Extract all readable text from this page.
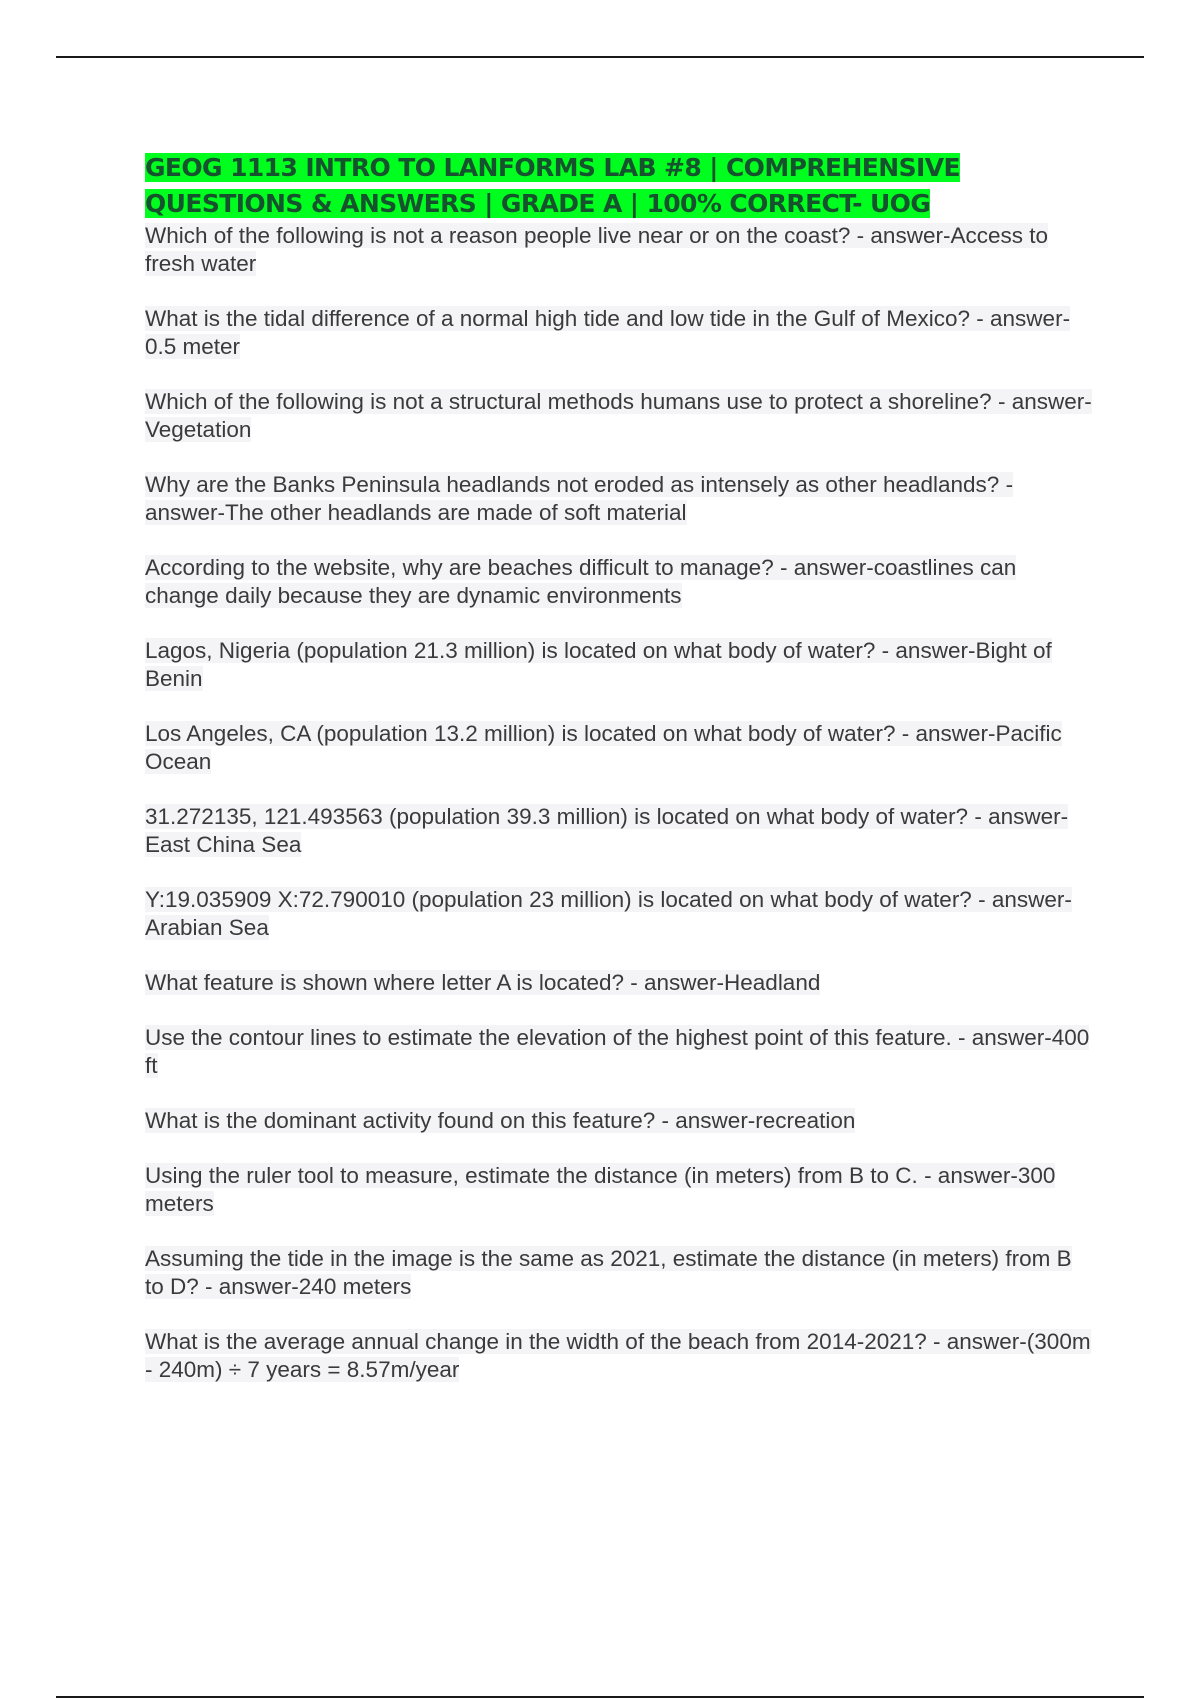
GEOG 1113 INTRO TO LANFORMS LAB #8 | COMPREHENSIVE QUESTIONS & ANSWERS | GRADE A | 100% CORRECT- UOG
Which of the following is not a reason people live near or on the coast? - answer-Access to fresh water
What is the tidal difference of a normal high tide and low tide in the Gulf of Mexico? - answer-0.5 meter
Which of the following is not a structural methods humans use to protect a shoreline? - answer-Vegetation
Why are the Banks Peninsula headlands not eroded as intensely as other headlands? - answer-The other headlands are made of soft material
According to the website, why are beaches difficult to manage? - answer-coastlines can change daily because they are dynamic environments
Lagos, Nigeria (population 21.3 million) is located on what body of water? - answer-Bight of Benin
Los Angeles, CA (population 13.2 million) is located on what body of water? - answer-Pacific Ocean
31.272135, 121.493563 (population 39.3 million) is located on what body of water? - answer-East China Sea
Y:19.035909 X:72.790010 (population 23 million) is located on what body of water? - answer-Arabian Sea
What feature is shown where letter A is located? - answer-Headland
Use the contour lines to estimate the elevation of the highest point of this feature. - answer-400 ft
What is the dominant activity found on this feature? - answer-recreation
Using the ruler tool to measure, estimate the distance (in meters) from B to C. - answer-300 meters
Assuming the tide in the image is the same as 2021, estimate the distance (in meters) from B to D? - answer-240 meters
What is the average annual change in the width of the beach from 2014-2021? - answer-(300m - 240m) ÷ 7 years = 8.57m/year
